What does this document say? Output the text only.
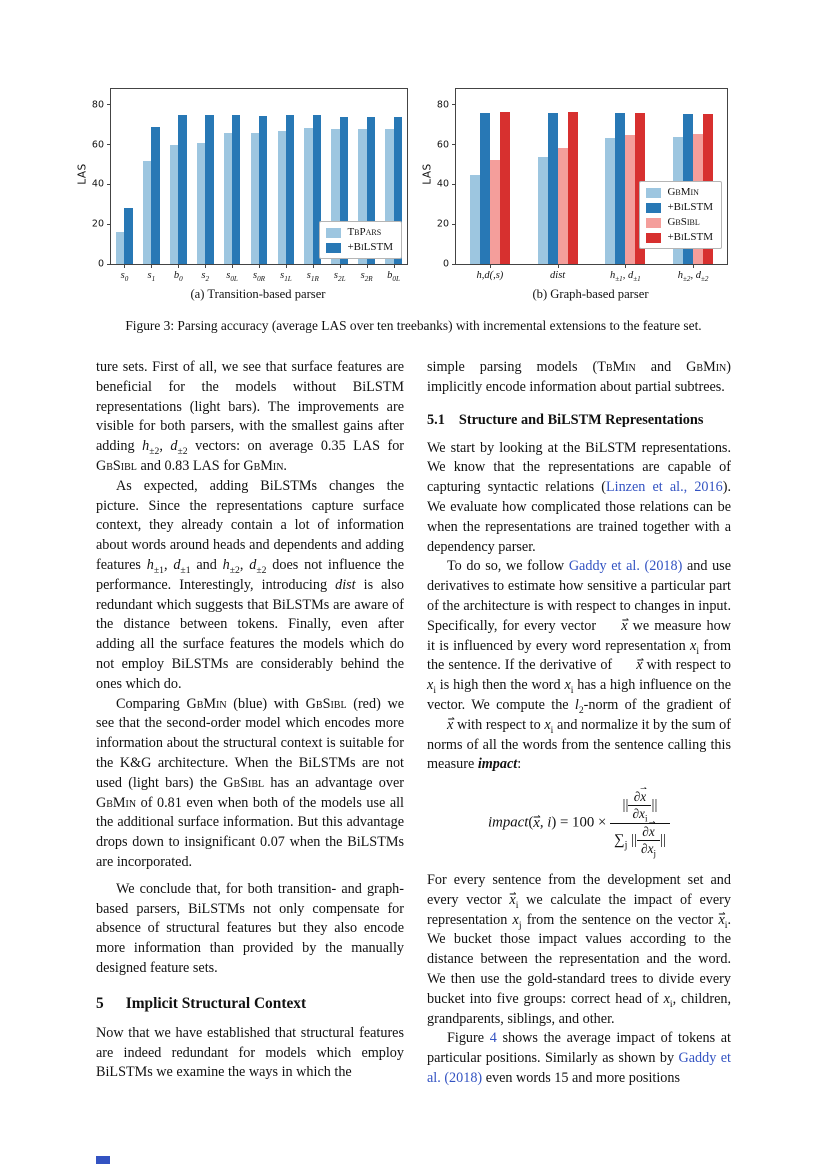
LAS
0
20
40
60
80
$s_0$ $s_1$ $b_0$ $s_2$ $s_{0L}$ $s_{0R}$ $s_{1L}$ $s_{1R}$ $s_{2L}$ $s_{2R}$ $b_{0L}$
TbPars
+BiLSTM
(a) Transition-based parser
LAS
0
20
40
60
80
h,d(,s)	dist	$h_{\pm 1}$, $d_{\pm 1}$	$h_{\pm 2}$, $d_{\pm 2}$
GbMin
+BiLSTM
GbSibl
+BiLSTM
(b) Graph-based parser
Figure 3: Parsing accuracy (average LAS over ten treebanks) with incremental extensions to the feature set.

ture sets. First of all, we see that surface features are beneficial for the models without BiLSTM representations (light bars). The improvements are visible for both parsers, with the smallest gains after adding $h_{\pm 2}$, $d_{\pm 2}$ vectors: on average 0.35 LAS for GbSibl and 0.83 LAS for GbMin.

As expected, adding BiLSTMs changes the picture. Since the representations capture surface context, they already contain a lot of information about words around heads and dependents and adding features $h_{\pm 1}$, $d_{\pm 1}$ and $h_{\pm 2}$, $d_{\pm 2}$ does not influence the performance. Interestingly, introducing dist is also redundant which suggests that BiLSTMs are aware of the distance between tokens. Finally, even after adding all the surface features the models which do not employ BiLSTMs are considerably behind the ones which do.

Comparing GbMin (blue) with GbSibl (red) we see that the second-order model which encodes more information about the structural context is suitable for the K&G architecture. When the BiLSTMs are not used (light bars) the GbSibl has an advantage over GbMin of 0.81 even when both of the models use all the additional surface information. But this advantage drops down to insignificant 0.07 when the BiLSTMs are incorporated.

We conclude that, for both transition- and graph-based parsers, BiLSTMs not only compensate for absence of structural features but they also encode more information than provided by the manually designed feature sets.

5 Implicit Structural Context

Now that we have established that structural features are indeed redundant for models which employ BiLSTMs we examine the ways in which the

simple parsing models (TbMin and GbMin) implicitly encode information about partial subtrees.

5.1 Structure and BiLSTM Representations

We start by looking at the BiLSTM representations. We know that the representations are capable of capturing syntactic relations (Linzen et al., 2016). We evaluate how complicated those relations can be when the representations are trained together with a dependency parser.

To do so, we follow Gaddy et al. (2018) and use derivatives to estimate how sensitive a particular part of the architecture is with respect to changes in input. Specifically, for every vector x ⇀ we measure how it is influenced by every word representation $x_i$ from the sentence. If the derivative of x ⇀ with respect to $x_i$ is high then the word $x_i$ has a high influence on the vector. We compute the $l_2$-norm of the gradient of x ⇀ with respect to $x_i$ and normalize it by the sum of norms of all the words from the sentence calling this measure impact:

impact(x ⇀, $i) = 100 \times \frac{|| \frac{\partial x ⇀}{\partial x_i} ||}{\sum_j || \frac{\partial x ⇀}{\partial x_j} ||}$

For every sentence from the development set and every vector x $⇀_i$ we calculate the impact of every representation $x_j$ from the sentence on the vector x $⇀_i$. We bucket those impact values according to the distance between the representation and the word. We then use the gold-standard trees to divide every bucket into five groups: correct head of $x_i$, children, grandparents, siblings, and other.

Figure 4 shows the average impact of tokens at particular positions. Similarly as shown by Gaddy et al. (2018) even words 15 and more positions
